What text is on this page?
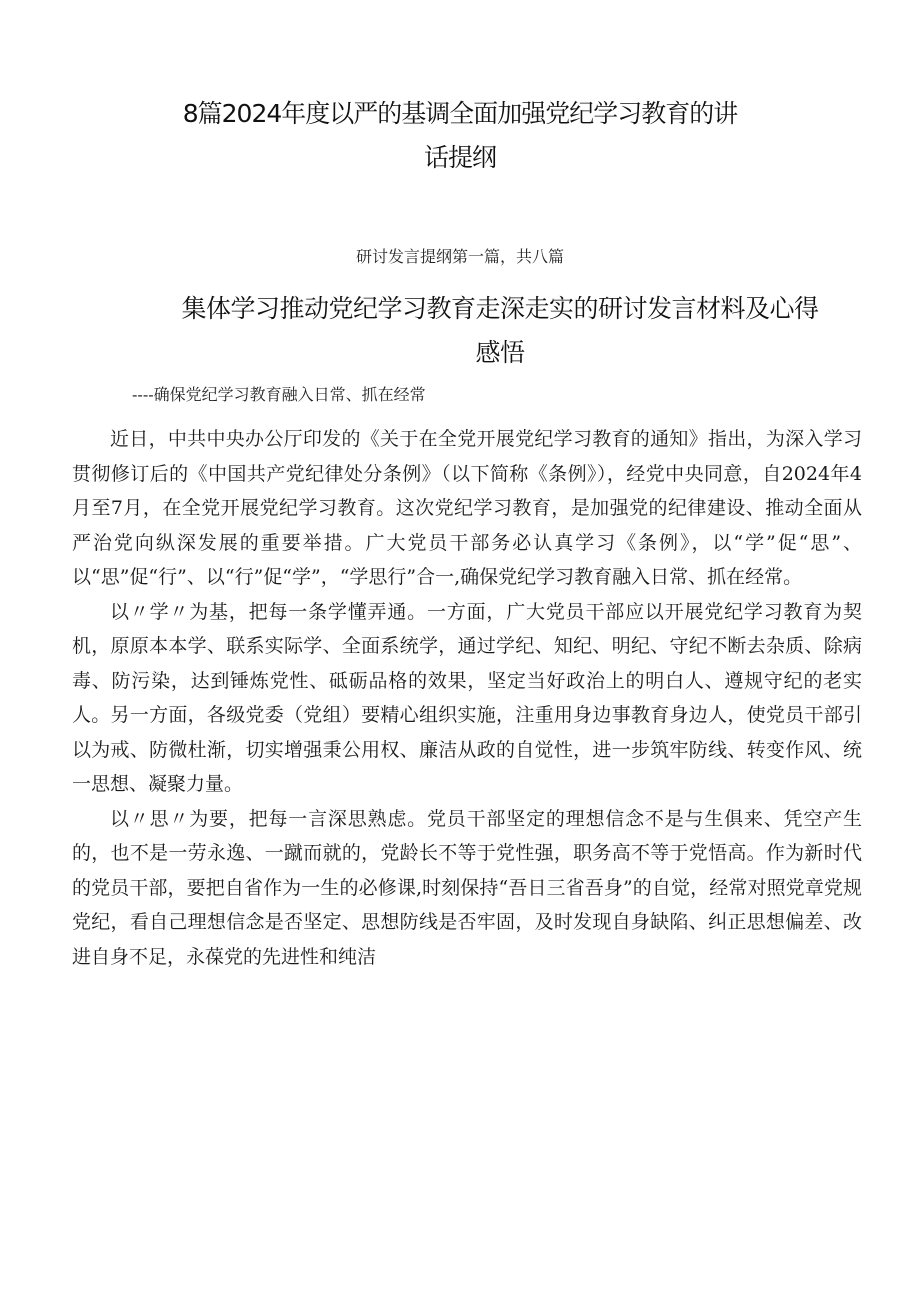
8篇2024年度以严的基调全面加强党纪学习教育的讲
话提纲
研讨发言提纲第一篇，共八篇
集体学习推动党纪学习教育走深走实的研讨发言材料及心得
感悟
----确保党纪学习教育融入日常、抓在经常

近日，中共中央办公厅印发的《关于在全党开展党纪学习教育的通知》指出，为深入学习贯彻修订后的《中国共产党纪律处分条例》（以下简称《条例》），经党中央同意，自2024年4月至7月，在全党开展党纪学习教育。这次党纪学习教育，是加强党的纪律建设、推动全面从严治党向纵深发展的重要举措。广大党员干部务必认真学习《条例》，以“学”促“思”、以“思”促“行”、以“行”促“学”，“学思行”合一,确保党纪学习教育融入日常、抓在经常。

以〃学〃为基，把每一条学懂弄通。一方面，广大党员干部应以开展党纪学习教育为契机，原原本本学、联系实际学、全面系统学，通过学纪、知纪、明纪、守纪不断去杂质、除病毒、防污染，达到锤炼党性、砥砺品格的效果，坚定当好政治上的明白人、遵规守纪的老实人。另一方面，各级党委（党组）要精心组织实施，注重用身边事教育身边人，使党员干部引以为戒、防微杜渐，切实增强秉公用权、廉洁从政的自觉性，进一步筑牢防线、转变作风、统一思想、凝聚力量。

以〃思〃为要，把每一言深思熟虑。党员干部坚定的理想信念不是与生俱来、凭空产生的，也不是一劳永逸、一蹴而就的，党龄长不等于党性强，职务高不等于党悟高。作为新时代的党员干部，要把自省作为一生的必修课,时刻保持“吾日三省吾身”的自觉，经常对照党章党规党纪，看自己理想信念是否坚定、思想防线是否牢固，及时发现自身缺陷、纠正思想偏差、改进自身不足，永葆党的先进性和纯洁
